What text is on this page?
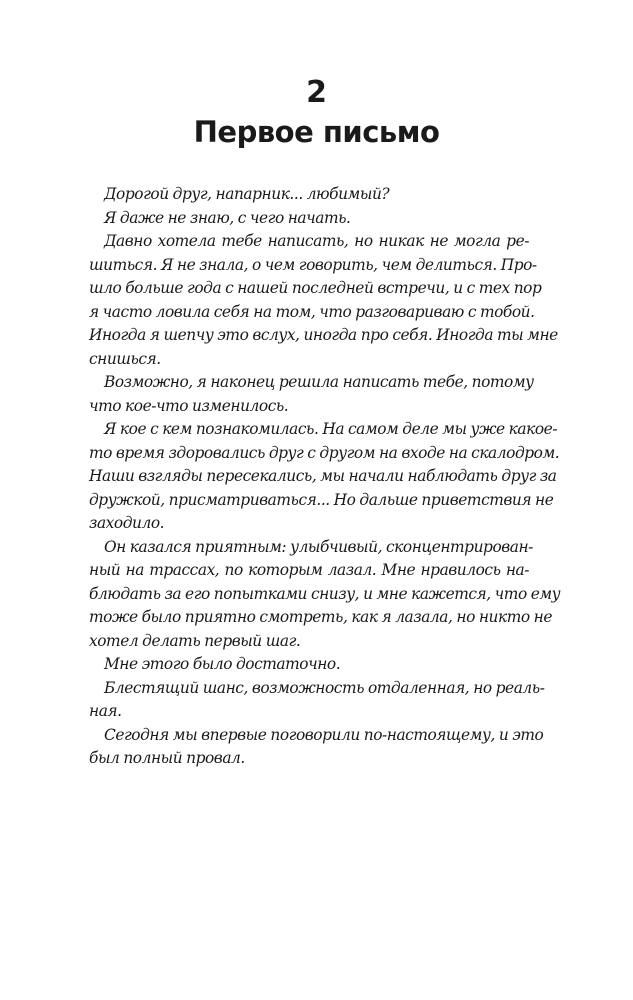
2
Первое письмо
Дорогой друг, напарник... любимый?
Я даже не знаю, с чего начать.
Давно хотела тебе написать, но никак не могла ре-
шиться. Я не знала, о чем говорить, чем делиться. Про-
шло больше года с нашей последней встречи, и с тех пор
я часто ловила себя на том, что разговариваю с тобой.
Иногда я шепчу это вслух, иногда про себя. Иногда ты мне
снишься.
Возможно, я наконец решила написать тебе, потому
что кое-что изменилось.
Я кое с кем познакомилась. На самом деле мы уже какое-
то время здоровались друг с другом на входе на скалодром.
Наши взгляды пересекались, мы начали наблюдать друг за
дружкой, присматриваться... Но дальше приветствия не
заходило.
Он казался приятным: улыбчивый, сконцентрирован-
ный на трассах, по которым лазал. Мне нравилось на-
блюдать за его попытками снизу, и мне кажется, что ему
тоже было приятно смотреть, как я лазала, но никто не
хотел делать первый шаг.
Мне этого было достаточно.
Блестящий шанс, возможность отдаленная, но реаль-
ная.
Сегодня мы впервые поговорили по-настоящему, и это
был полный провал.
